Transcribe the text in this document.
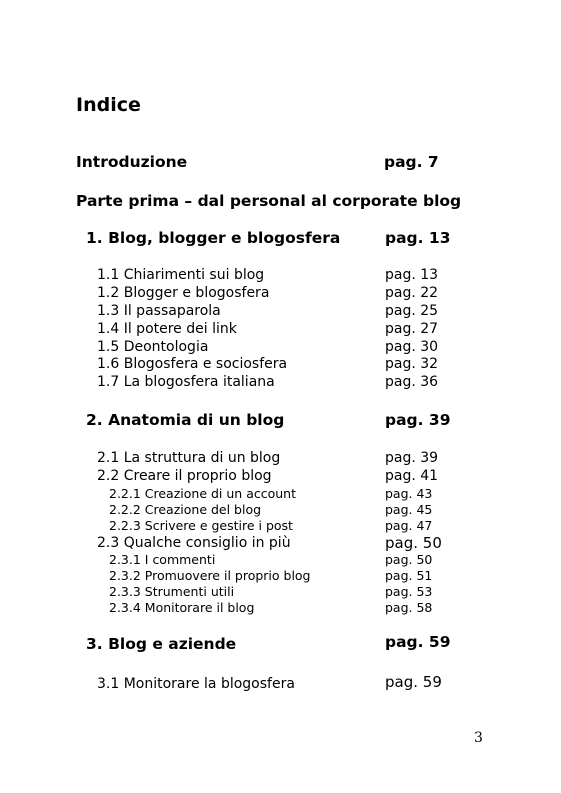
Indice
Introduzione	pag. 7
Parte prima – dal personal al corporate blog
1. Blog, blogger e blogosfera	pag. 13
1.1 Chiarimenti sui blog	pag. 13
1.2 Blogger e blogosfera	pag. 22
1.3 Il passaparola	pag. 25
1.4 Il potere dei link	pag. 27
1.5 Deontologia	pag. 30
1.6 Blogosfera e sociosfera	pag. 32
1.7 La blogosfera italiana	pag. 36
2. Anatomia di un blog	pag. 39
2.1 La struttura di un blog	pag. 39
2.2 Creare il proprio blog	pag. 41
2.2.1 Creazione di un account	pag. 43
2.2.2 Creazione del blog	pag. 45
2.2.3 Scrivere e gestire i post	pag. 47
2.3 Qualche consiglio in più	pag. 50
2.3.1 I commenti	pag. 50
2.3.2 Promuovere il proprio blog	pag. 51
2.3.3 Strumenti utili	pag. 53
2.3.4 Monitorare il blog	pag. 58
3. Blog e aziende	pag. 59
3.1 Monitorare la blogosfera	pag. 59
3
